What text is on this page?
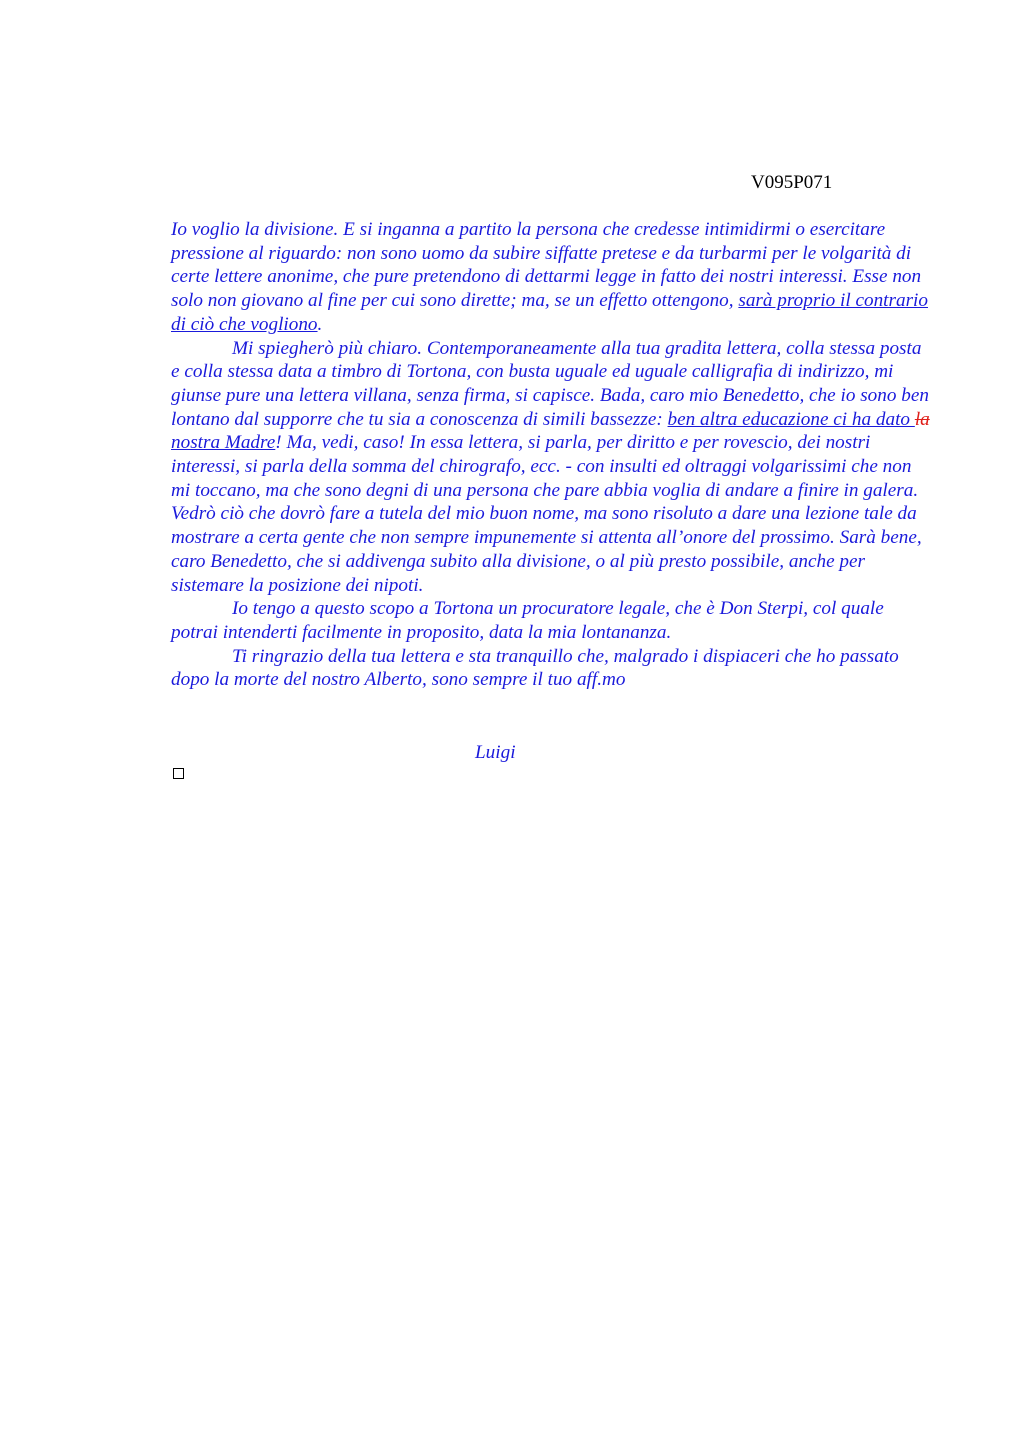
V095P071

Io voglio la divisione. E si inganna a partito la persona che credesse intimidirmi o esercitare pressione al riguardo: non sono uomo da subire siffatte pretese e da turbarmi per le volgarità di certe lettere anonime, che pure pretendono di dettarmi legge in fatto dei nostri interessi. Esse non solo non giovano al fine per cui sono dirette; ma, se un effetto ottengono, sarà proprio il contrario di ciò che vogliono.

Mi spiegherò più chiaro. Contemporaneamente alla tua gradita lettera, colla stessa posta e colla stessa data a timbro di Tortona, con busta uguale ed uguale calligrafia di indirizzo, mi giunse pure una lettera villana, senza firma, si capisce. Bada, caro mio Benedetto, che io sono ben lontano dal supporre che tu sia a conoscenza di simili bassezze: ben altra educazione ci ha dato la nostra Madre! Ma, vedi, caso! In essa lettera, si parla, per diritto e per rovescio, dei nostri interessi, si parla della somma del chirografo, ecc. - con insulti ed oltraggi volgarissimi che non mi toccano, ma che sono degni di una persona che pare abbia voglia di andare a finire in galera. Vedrò ciò che dovrò fare a tutela del mio buon nome, ma sono risoluto a dare una lezione tale da mostrare a certa gente che non sempre impunemente si attenta all’onore del prossimo. Sarà bene, caro Benedetto, che si addivenga subito alla divisione, o al più presto possibile, anche per sistemare la posizione dei nipoti.

Io tengo a questo scopo a Tortona un procuratore legale, che è Don Sterpi, col quale potrai intenderti facilmente in proposito, data la mia lontananza.

Ti ringrazio della tua lettera e sta tranquillo che, malgrado i dispiaceri che ho passato dopo la morte del nostro Alberto, sono sempre il tuo aff.mo

Luigi
